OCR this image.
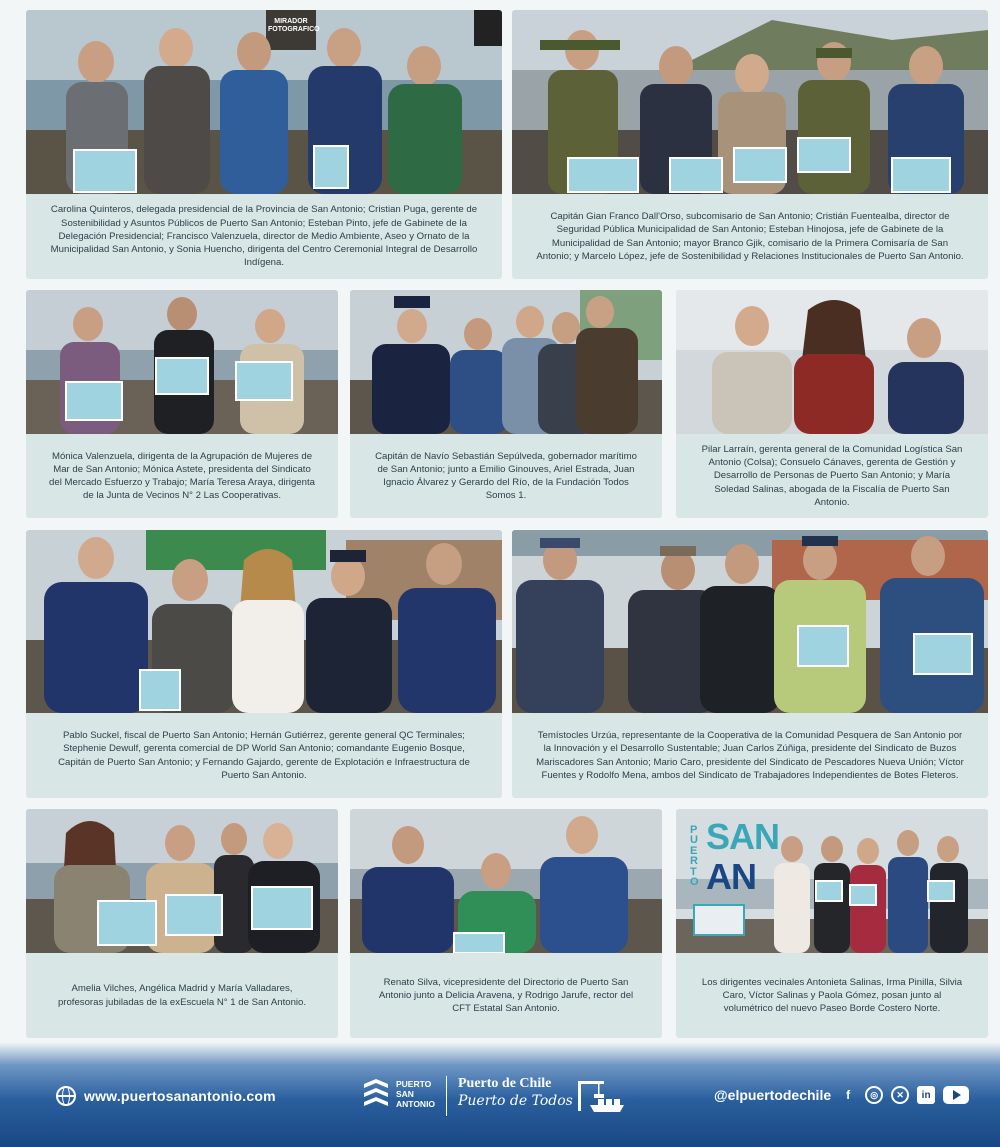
MIRADOR FOTOGRAFICO
Carolina Quinteros, delegada presidencial de la Provincia de San Antonio; Cristian Puga, gerente de Sostenibilidad y Asuntos Públicos de Puerto San Antonio; Esteban Pinto, jefe de Gabinete de la Delegación Presidencial; Francisco Valenzuela, director de Medio Ambiente, Aseo y Ornato de la Municipalidad San Antonio, y Sonia Huencho, dirigenta del Centro Ceremonial Integral de Desarrollo Indígena.
Capitán Gian Franco Dall'Orso, subcomisario de San Antonio; Cristián Fuentealba, director de Seguridad Pública Municipalidad de San Antonio; Esteban Hinojosa, jefe de Gabinete de la Municipalidad de San Antonio; mayor Branco Gjik, comisario de la Primera Comisaría de San Antonio; y Marcelo López, jefe de Sostenibilidad y Relaciones Institucionales de Puerto San Antonio.
Mónica Valenzuela, dirigenta de la Agrupación de Mujeres de Mar de San Antonio; Mónica Astete, presidenta del Sindicato del Mercado Esfuerzo y Trabajo; María Teresa Araya, dirigenta de la Junta de Vecinos N° 2 Las Cooperativas.
Capitán de Navío Sebastián Sepúlveda, gobernador marítimo de San Antonio; junto a Emilio Ginouves, Ariel Estrada, Juan Ignacio Álvarez y Gerardo del Río, de la Fundación Todos Somos 1.
Pilar Larraín, gerenta general de la Comunidad Logística San Antonio (Colsa); Consuelo Cánaves, gerenta de Gestión y Desarrollo de Personas de Puerto San Antonio; y María Soledad Salinas, abogada de la Fiscalía de Puerto San Antonio.
Pablo Suckel, fiscal de Puerto San Antonio; Hernán Gutiérrez, gerente general QC Terminales; Stephenie Dewulf, gerenta comercial de DP World San Antonio; comandante Eugenio Bosque, Capitán de Puerto San Antonio; y Fernando Gajardo, gerente de Explotación e Infraestructura de Puerto San Antonio.
Temístocles Urzúa, representante de la Cooperativa de la Comunidad Pesquera de San Antonio por la Innovación y el Desarrollo Sustentable; Juan Carlos Zúñiga, presidente del Sindicato de Buzos Mariscadores San Antonio; Mario Caro, presidente del Sindicato de Pescadores Nueva Unión; Víctor Fuentes y Rodolfo Mena, ambos del Sindicato de Trabajadores Independientes de Botes Fleteros.
Amelia Vilches, Angélica Madrid y María Valladares, profesoras jubiladas de la exEscuela N° 1 de San Antonio.
Renato Silva, vicepresidente del Directorio de Puerto San Antonio junto a Delicia Aravena, y Rodrigo Jarufe, rector del CFT Estatal San Antonio.
PUERTO
SAN
AN
Los dirigentes vecinales Antonieta Salinas, Irma Pinilla, Silvia Caro, Víctor Salinas y Paola Gómez, posan junto al volumétrico del nuevo Paseo Borde Costero Norte.
www.puertosanantonio.com
PUERTO
SAN
ANTONIO
Puerto de Chile
Puerto de Todos	@elpuertodechile	f	◎	✕	in
